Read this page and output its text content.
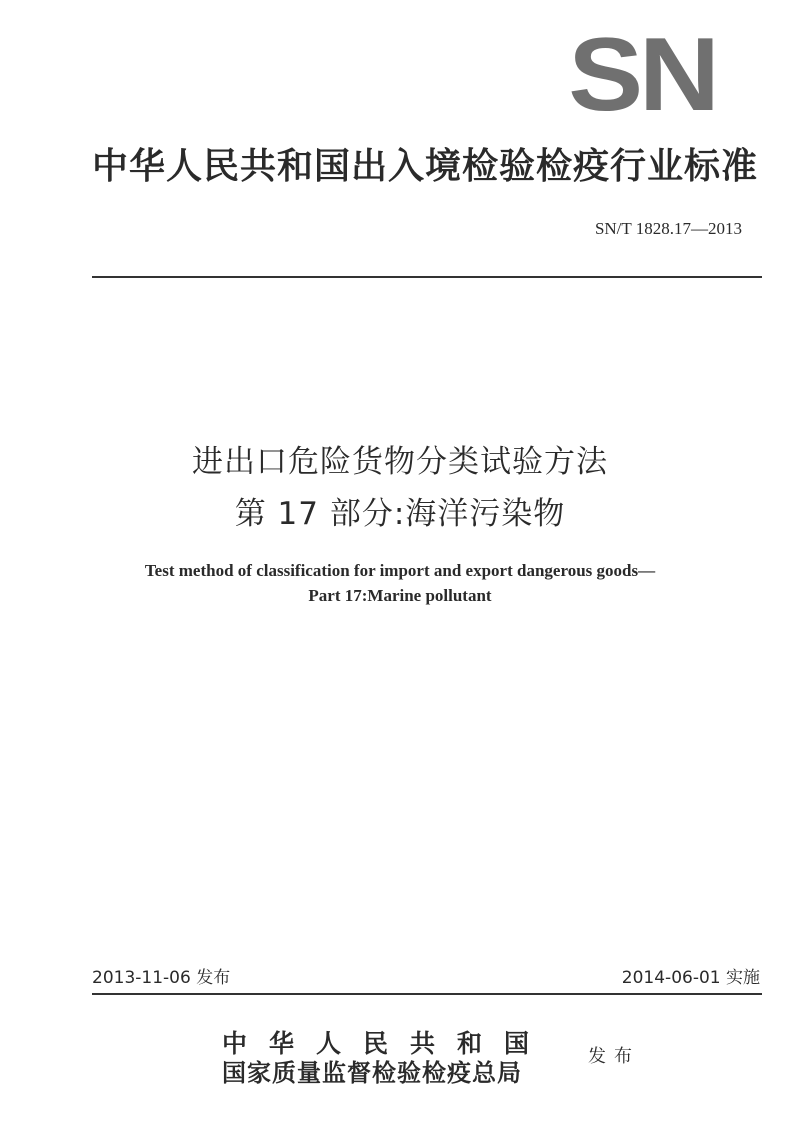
SN
中华人民共和国出入境检验检疫行业标准
SN/T 1828.17—2013
进出口危险货物分类试验方法
第 17 部分:海洋污染物
Test method of classification for import and export dangerous goods—
Part 17:Marine pollutant
2013-11-06 发布	2014-06-01 实施
中华人民共和国
国家质量监督检验检疫总局
发布
